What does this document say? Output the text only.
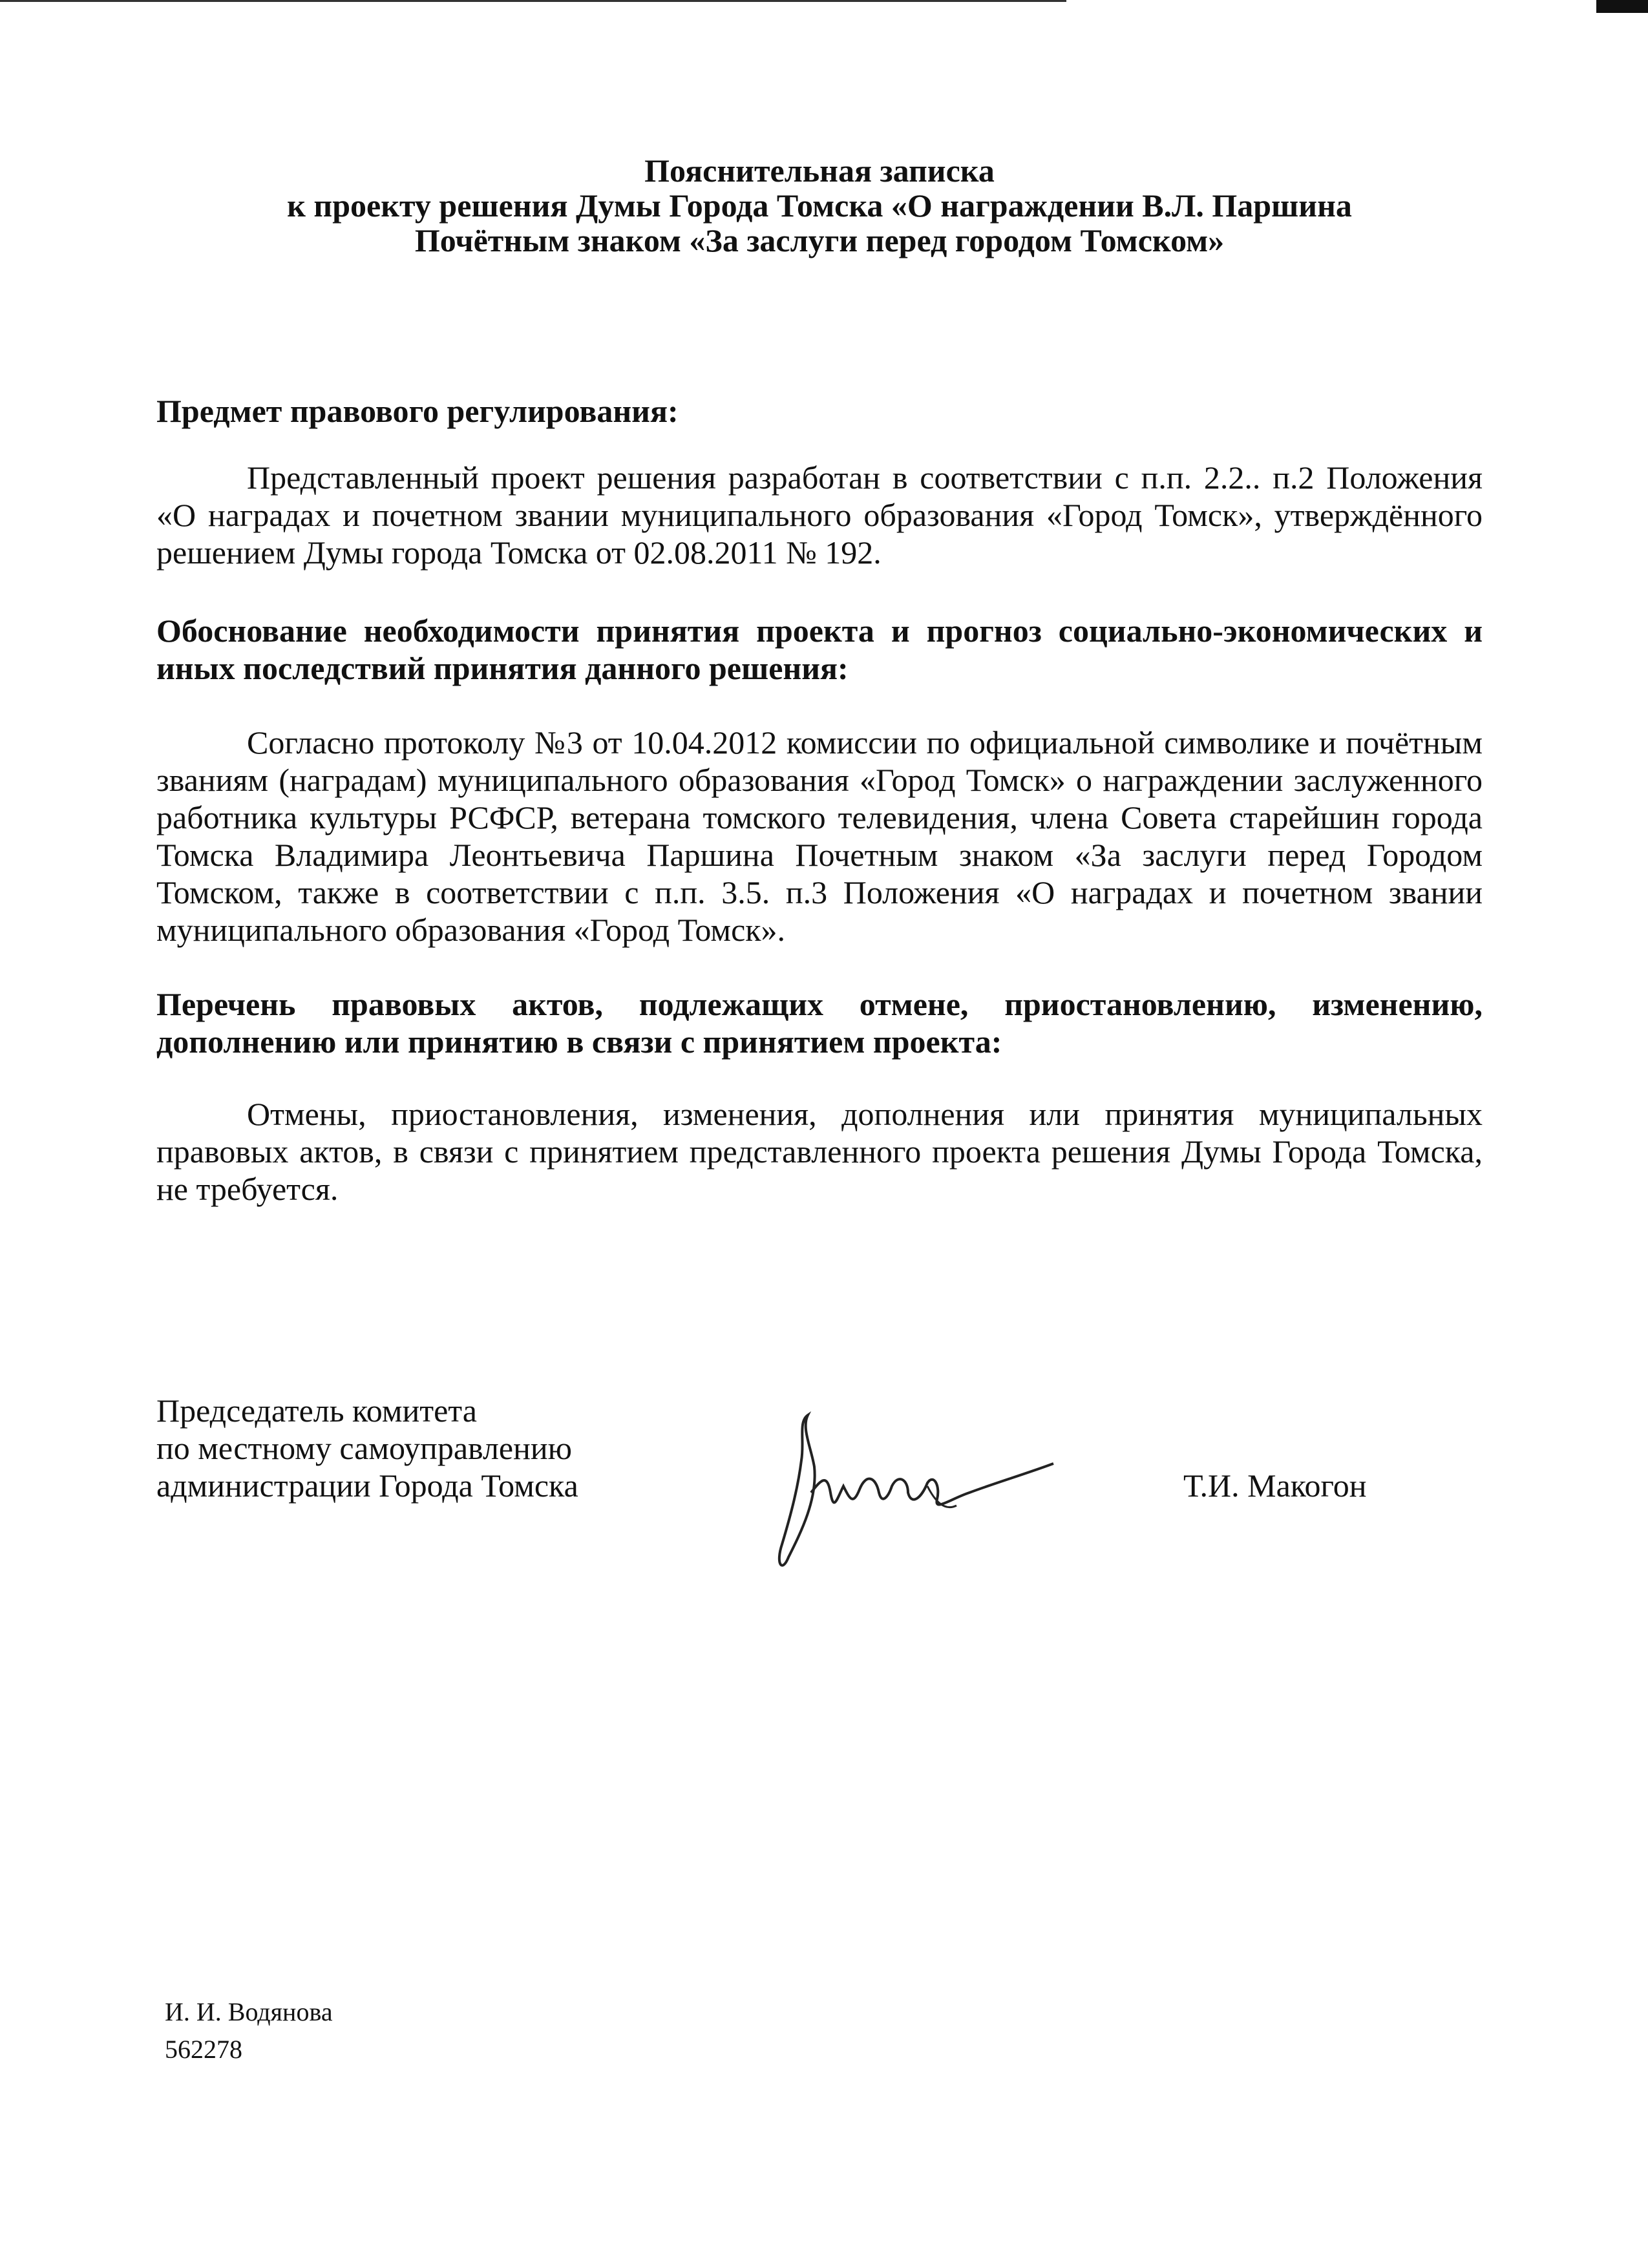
Пояснительная записка
к проекту решения Думы Города Томска «О награждении В.Л. Паршина
Почётным знаком «За заслуги перед городом Томском»
Предмет правового регулирования:
Представленный проект решения разработан в соответствии с п.п. 2.2.. п.2 Положения «О наградах и почетном звании муниципального образования «Город Томск», утверждённого решением Думы города Томска от 02.08.2011 № 192.
Обоснование необходимости принятия проекта и прогноз социально-экономических и иных последствий принятия данного решения:
Согласно протоколу №3 от 10.04.2012 комиссии по официальной символике и почётным званиям (наградам) муниципального образования «Город Томск» о награждении заслуженного работника культуры РСФСР, ветерана томского телевидения, члена Совета старейшин города Томска Владимира Леонтьевича Паршина Почетным знаком «За заслуги перед Городом Томском, также в соответствии с п.п. 3.5. п.3 Положения «О наградах и почетном звании муниципального образования «Город Томск».
Перечень правовых актов, подлежащих отмене, приостановлению, изменению, дополнению или принятию в связи с принятием проекта:
Отмены, приостановления, изменения, дополнения или принятия муниципальных правовых актов, в связи с принятием представленного проекта решения Думы Города Томска, не требуется.
Председатель комитета
по местному самоуправлению
администрации Города Томска	Т.И. Макогон
И. И. Водянова
562278
